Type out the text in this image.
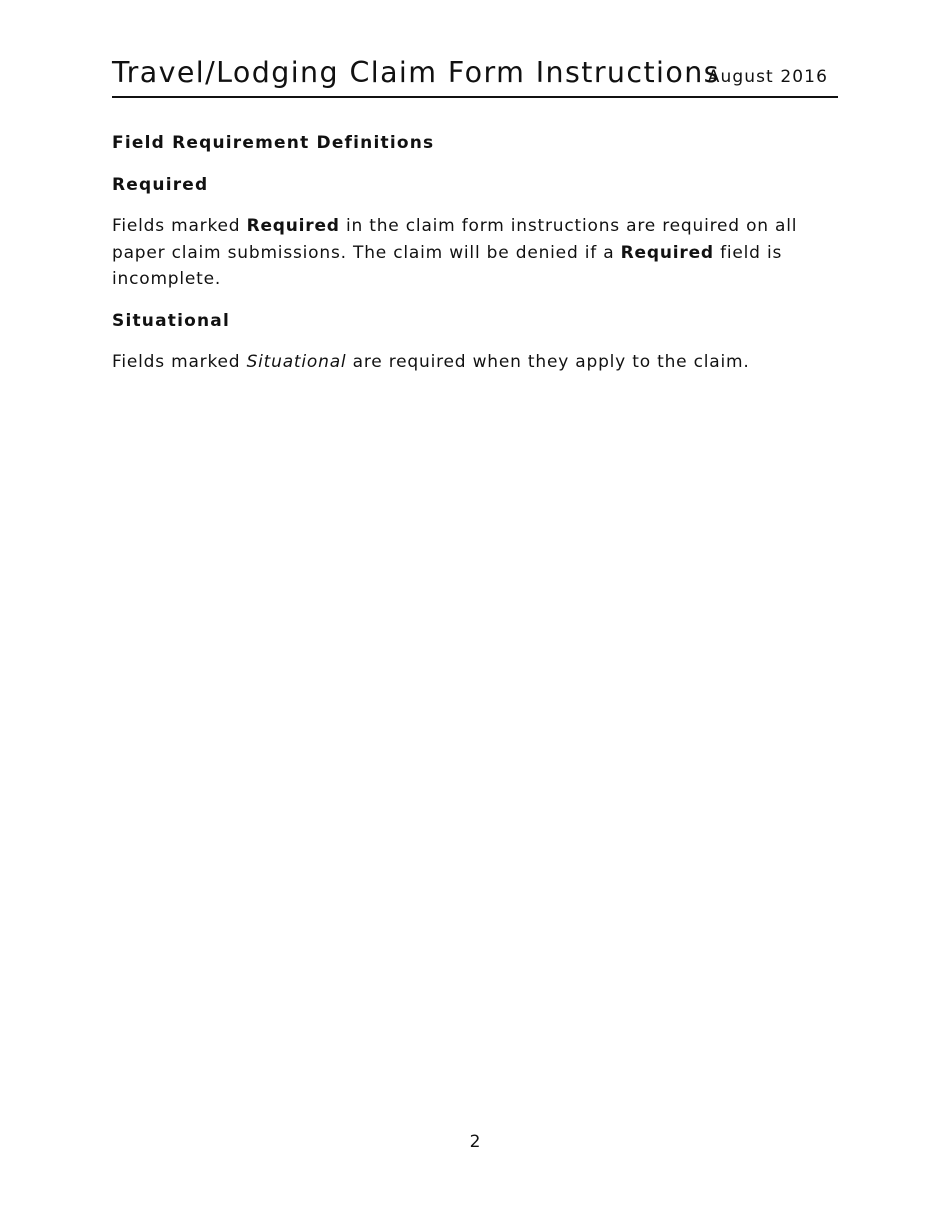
Travel/Lodging Claim Form Instructions
August 2016

Field Requirement Definitions

Required

Fields marked Required in the claim form instructions are required on all paper claim submissions. The claim will be denied if a Required field is incomplete.

Situational

Fields marked Situational are required when they apply to the claim.

2
